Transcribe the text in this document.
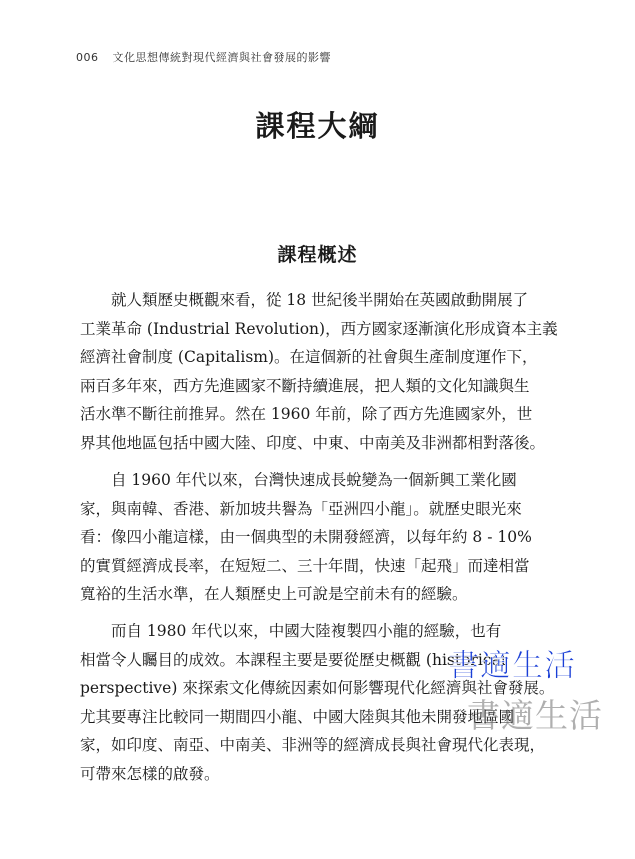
006 文化思想傳統對現代經濟與社會發展的影響
課程大綱
課程概述
就人類歷史概觀來看，從 18 世紀後半開始在英國啟動開展了
工業革命 (Industrial Revolution)，西方國家逐漸演化形成資本主義
經濟社會制度 (Capitalism)。在這個新的社會與生產制度運作下，
兩百多年來，西方先進國家不斷持續進展，把人類的文化知識與生
活水準不斷往前推昇。然在 1960 年前，除了西方先進國家外，世
界其他地區包括中國大陸、印度、中東、中南美及非洲都相對落後。
自 1960 年代以來，台灣快速成長蛻變為一個新興工業化國
家，與南韓、香港、新加坡共譽為「亞洲四小龍」。就歷史眼光來
看：像四小龍這樣，由一個典型的未開發經濟，以每年約 8 - 10%
的實質經濟成長率，在短短二、三十年間，快速「起飛」而達相當
寬裕的生活水準，在人類歷史上可說是空前未有的經驗。
而自 1980 年代以來，中國大陸複製四小龍的經驗，也有
相當令人矚目的成效。本課程主要是要從歷史概觀 (historical
perspective) 來探索文化傳統因素如何影響現代化經濟與社會發展。
尤其要專注比較同一期間四小龍、中國大陸與其他未開發地區國
家，如印度、南亞、中南美、非洲等的經濟成長與社會現代化表現，
可帶來怎樣的啟發。
書適生活
書適生活
